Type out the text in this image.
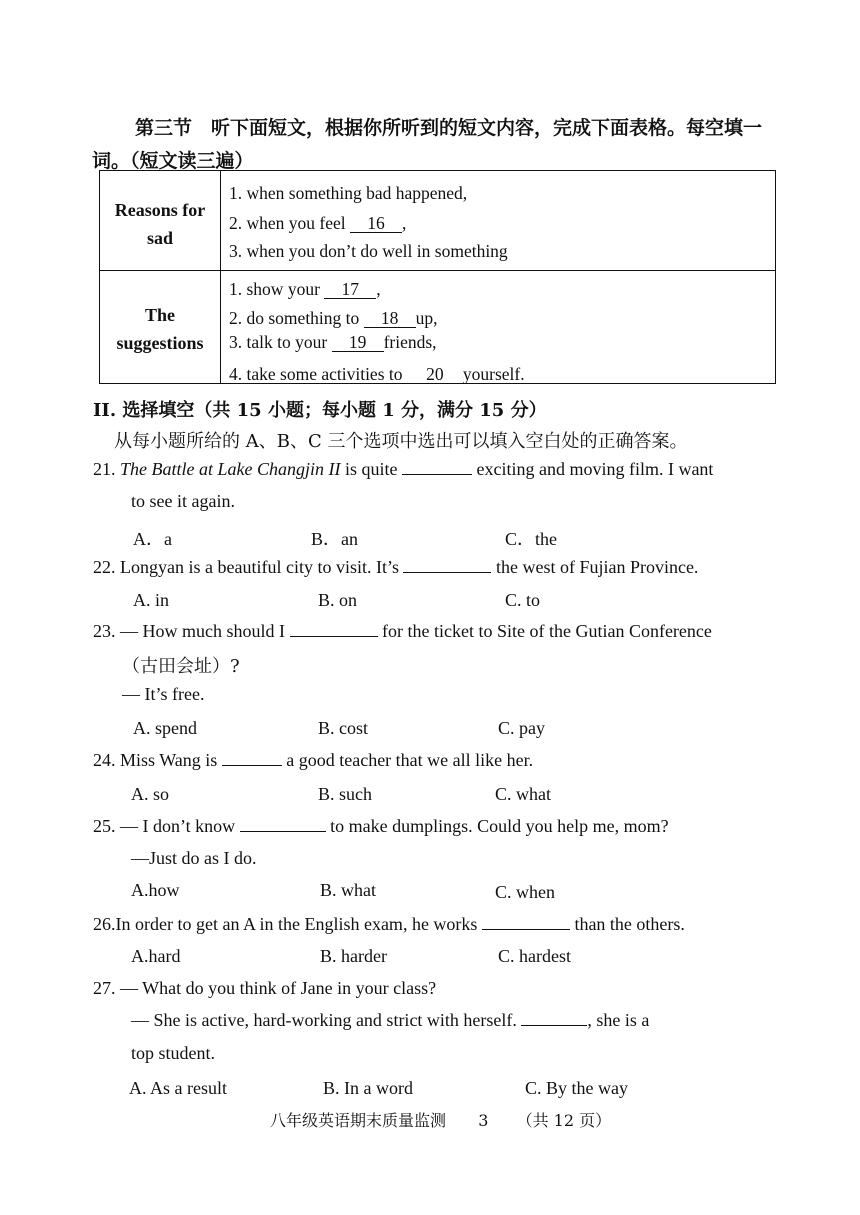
第三节　听下面短文，根据你所听到的短文内容，完成下面表格。每空填一
词。（短文读三遍）
Reasons for
sad
1. when something bad happened,
2. when you feel 16 ,
3. when you don’t do well in something
The
suggestions
1. show your 17 ,
2. do something to 18 up,
3. talk to your 19 friends,
4. take some activities to 20 yourself.
II. 选择填空（共 15 小题；每小题 1 分，满分 15 分）
从每小题所给的 A、B、C 三个选项中选出可以填入空白处的正确答案。
21. The Battle at Lake Changjin II is quite	exciting and moving film. I want
to see it again.
A．a	B．an	C．the
22. Longyan is a beautiful city to visit. It’s	the west of Fujian Province.
A. in	B. on	C. to
23. — How much should I	for the ticket to Site of the Gutian Conference
（古田会址）?
— It’s free.
A. spend	B. cost	C. pay
24. Miss Wang is	a good teacher that we all like her.
A. so	B. such	C. what
25. — I don’t know	to make dumplings. Could you help me, mom?
—Just do as I do.
A.how	B. what	C. when
26.In order to get an A in the English exam, he works	than the others.
A.hard	B. harder	C. hardest
27. — What do you think of Jane in your class?
— She is active, hard-working and strict with herself.	, she is a
top student.
A. As a result	B. In a word	C. By the way
八年级英语期末质量监测 3 （共 12 页）
